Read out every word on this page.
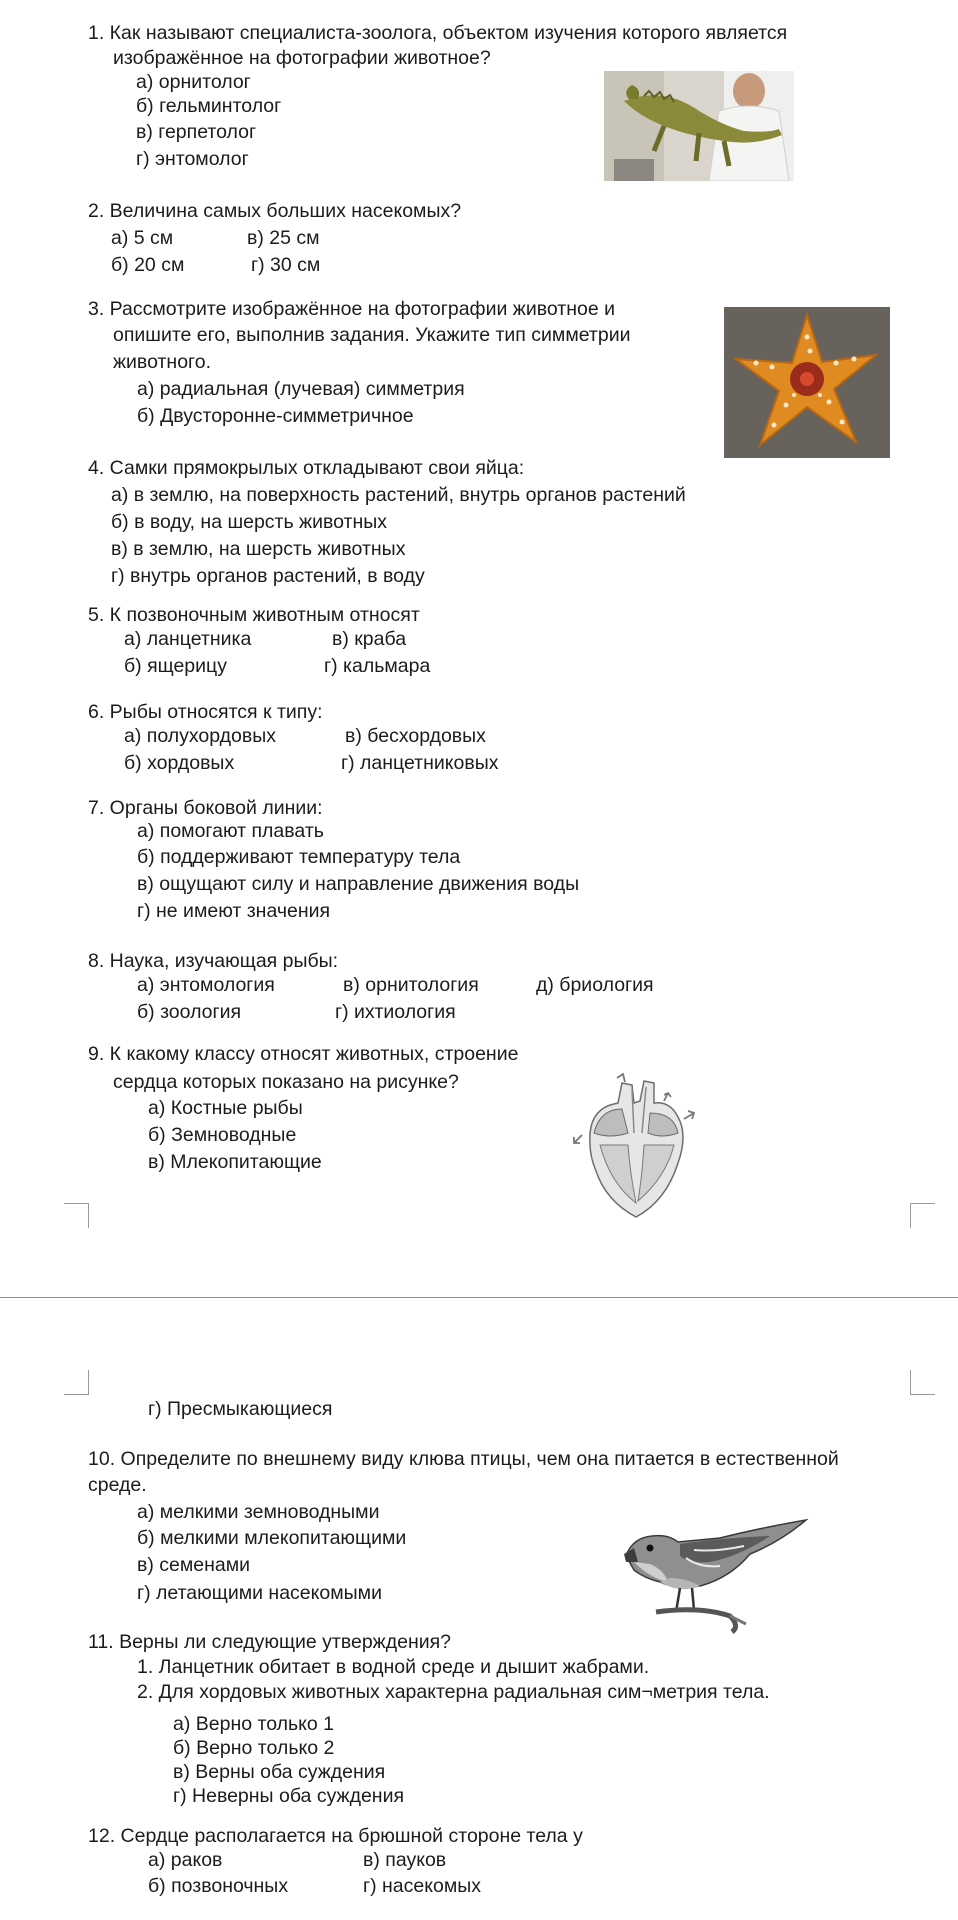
1. Как называют специалиста-зоолога, объектом изучения которого является

изображённое на фотографии животное?

а) орнитолог

б) гельминтолог

в) герпетолог

г) энтомолог

2. Величина самых больших насекомых?

а) 5 см	в) 25 см

б) 20 см	г) 30 см

3. Рассмотрите изображённое на фотографии животное и

опишите его, выполнив задания. Укажите тип симметрии

животного.

а) радиальная (лучевая) симметрия

б) Двусторонне-симметричное

4. Самки прямокрылых откладывают свои яйца:

а) в землю, на поверхность растений, внутрь органов растений

б) в воду, на шерсть животных

в) в землю, на шерсть животных

г) внутрь органов растений, в воду

5. К позвоночным животным относят

а) ланцетника	в) краба

б) ящерицу	г) кальмара

6. Рыбы относятся к типу:

а) полухордовых	в) бесхордовых

б) хордовых	г) ланцетниковых

7. Органы боковой линии:

а) помогают плавать

б) поддерживают температуру тела

в) ощущают силу и направление движения воды

г) не имеют значения

8. Наука, изучающая рыбы:

а) энтомология	в) орнитология	д) бриология

б) зоология	г) ихтиология

9. К какому классу относят животных, строение

сердца которых показано на рисунке?

а) Костные рыбы

б) Земноводные

в) Млекопитающие

г) Пресмыкающиеся

10. Определите по внешнему виду клюва птицы, чем она питается в естественной

среде.

а) мелкими земноводными

б) мелкими млекопитающими

в) семенами

г) летающими насекомыми

11. Верны ли следующие утверждения?

1. Ланцетник обитает в водной среде и дышит жабрами.

2. Для хордовых животных характерна радиальная сим¬метрия тела.

а) Верно только 1

б) Верно только 2

в) Верны оба суждения

г) Неверны оба суждения

12. Сердце располагается на брюшной стороне тела у

а) раков	в) пауков

б) позвоночных	г) насекомых
